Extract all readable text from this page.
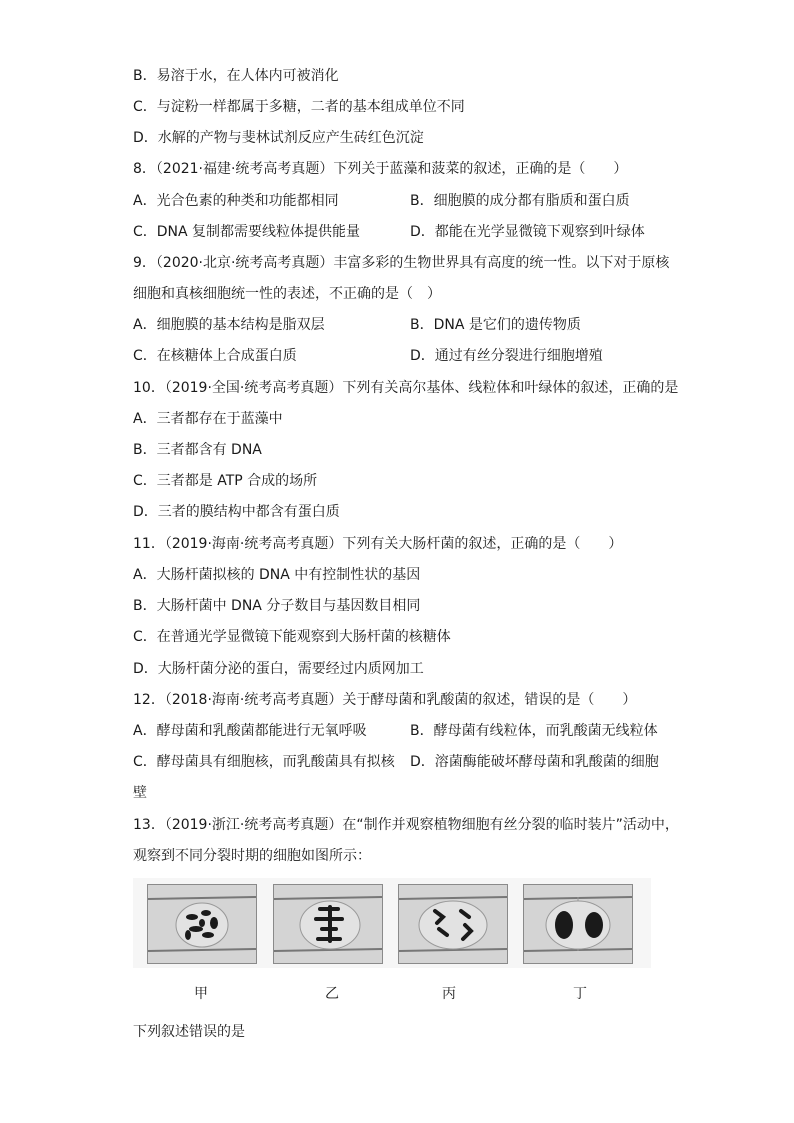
B．易溶于水，在人体内可被消化
C．与淀粉一样都属于多糖，二者的基本组成单位不同
D．水解的产物与斐林试剂反应产生砖红色沉淀
8．（2021·福建·统考高考真题）下列关于蓝藻和菠菜的叙述，正确的是（　　）
A．光合色素的种类和功能都相同	B．细胞膜的成分都有脂质和蛋白质
C．DNA 复制都需要线粒体提供能量	D．都能在光学显微镜下观察到叶绿体
9．（2020·北京·统考高考真题）丰富多彩的生物世界具有高度的统一性。以下对于原核
细胞和真核细胞统一性的表述，不正确的是（　）
A．细胞膜的基本结构是脂双层	B．DNA 是它们的遗传物质
C．在核糖体上合成蛋白质	D．通过有丝分裂进行细胞增殖
10．（2019·全国·统考高考真题）下列有关高尔基体、线粒体和叶绿体的叙述，正确的是
A．三者都存在于蓝藻中
B．三者都含有 DNA
C．三者都是 ATP 合成的场所
D．三者的膜结构中都含有蛋白质
11．（2019·海南·统考高考真题）下列有关大肠杆菌的叙述，正确的是（　　）
A．大肠杆菌拟核的 DNA 中有控制性状的基因
B．大肠杆菌中 DNA 分子数目与基因数目相同
C．在普通光学显微镜下能观察到大肠杆菌的核糖体
D．大肠杆菌分泌的蛋白，需要经过内质网加工
12．（2018·海南·统考高考真题）关于酵母菌和乳酸菌的叙述，错误的是（　　）
A．酵母菌和乳酸菌都能进行无氧呼吸	B．酵母菌有线粒体，而乳酸菌无线粒体
C．酵母菌具有细胞核，而乳酸菌具有拟核 D．溶菌酶能破坏酵母菌和乳酸菌的细胞
壁
13．（2019·浙江·统考高考真题）在“制作并观察植物细胞有丝分裂的临时装片”活动中，
观察到不同分裂时期的细胞如图所示：
甲	乙	丙	丁
下列叙述错误的是
